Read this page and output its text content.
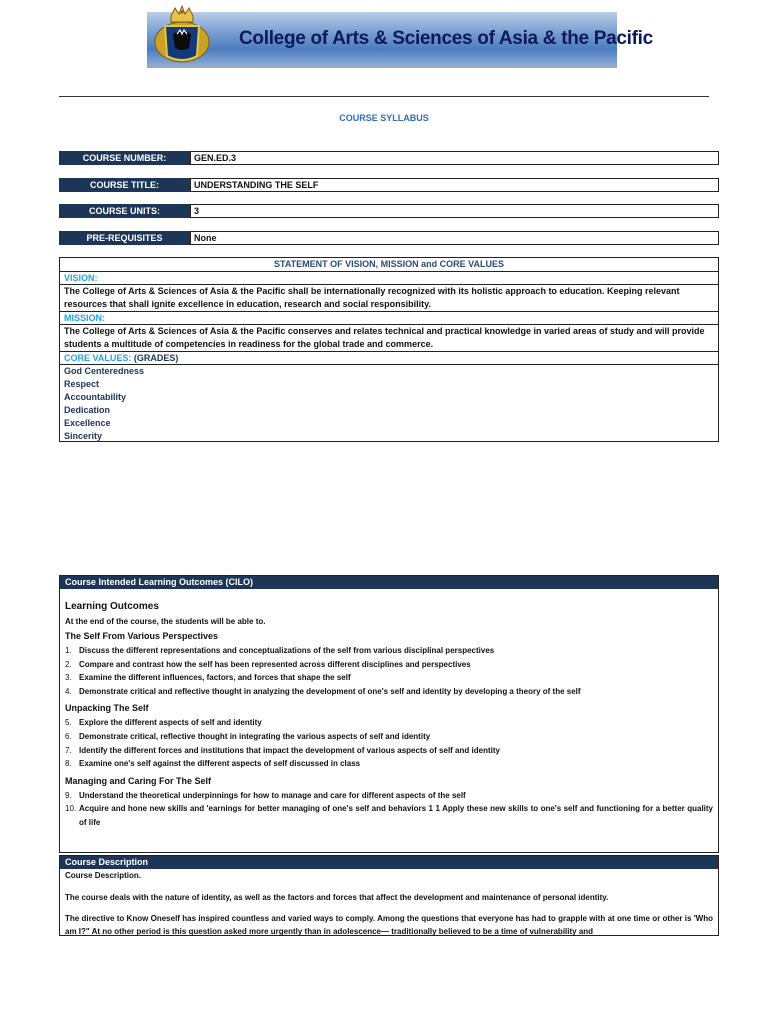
College of Arts & Sciences of Asia & the Pacific
COURSE SYLLABUS
COURSE NUMBER:	GEN.ED.3
COURSE TITLE:	UNDERSTANDING THE SELF
COURSE UNITS:	3
PRE-REQUISITES	None
STATEMENT OF VISION, MISSION and CORE VALUES
VISION:
The College of Arts & Sciences of Asia & the Pacific shall be internationally recognized with its holistic approach to education. Keeping relevant resources that shall ignite excellence in education, research and social responsibility.
MISSION:
The College of Arts & Sciences of Asia & the Pacific conserves and relates technical and practical knowledge in varied areas of study and will provide students a multitude of competencies in readiness for the global trade and commerce.
CORE VALUES: (GRADES)
God Centeredness
Respect
Accountability
Dedication
Excellence
Sincerity
Course Intended Learning Outcomes (CILO)
Learning Outcomes
At the end of the course, the students will be able to.
The Self From Various Perspectives
1. Discuss the different representations and conceptualizations of the self from various disciplinal perspectives
2. Compare and contrast how the self has been represented across different disciplines and perspectives
3. Examine the different influences, factors, and forces that shape the self
4. Demonstrate critical and reflective thought in analyzing the development of one's self and identity by developing a theory of the self
Unpacking The Self
5. Explore the different aspects of self and identity
6. Demonstrate critical, reflective thought in integrating the various aspects of self and identity
7. Identify the different forces and institutions that impact the development of various aspects of self and identity
8. Examine one's self against the different aspects of self discussed in class
Managing and Caring For The Self
9. Understand the theoretical underpinnings for how to manage and care for different aspects of the self
10. Acquire and hone new skills and 'earnings for better managing of one's self and behaviors 1 1 Apply these new skills to one's self and functioning for a better quality of life
Course Description

Course Description.

The course deals with the nature of identity, as well as the factors and forces that affect the development and maintenance of personal identity.

The directive to Know Oneself has inspired countless and varied ways to comply. Among the questions that everyone has had to grapple with at one time or other is 'Who am I?" At no other period is this question asked more urgently than in adolescence— traditionally believed to be a time of vulnerability and
